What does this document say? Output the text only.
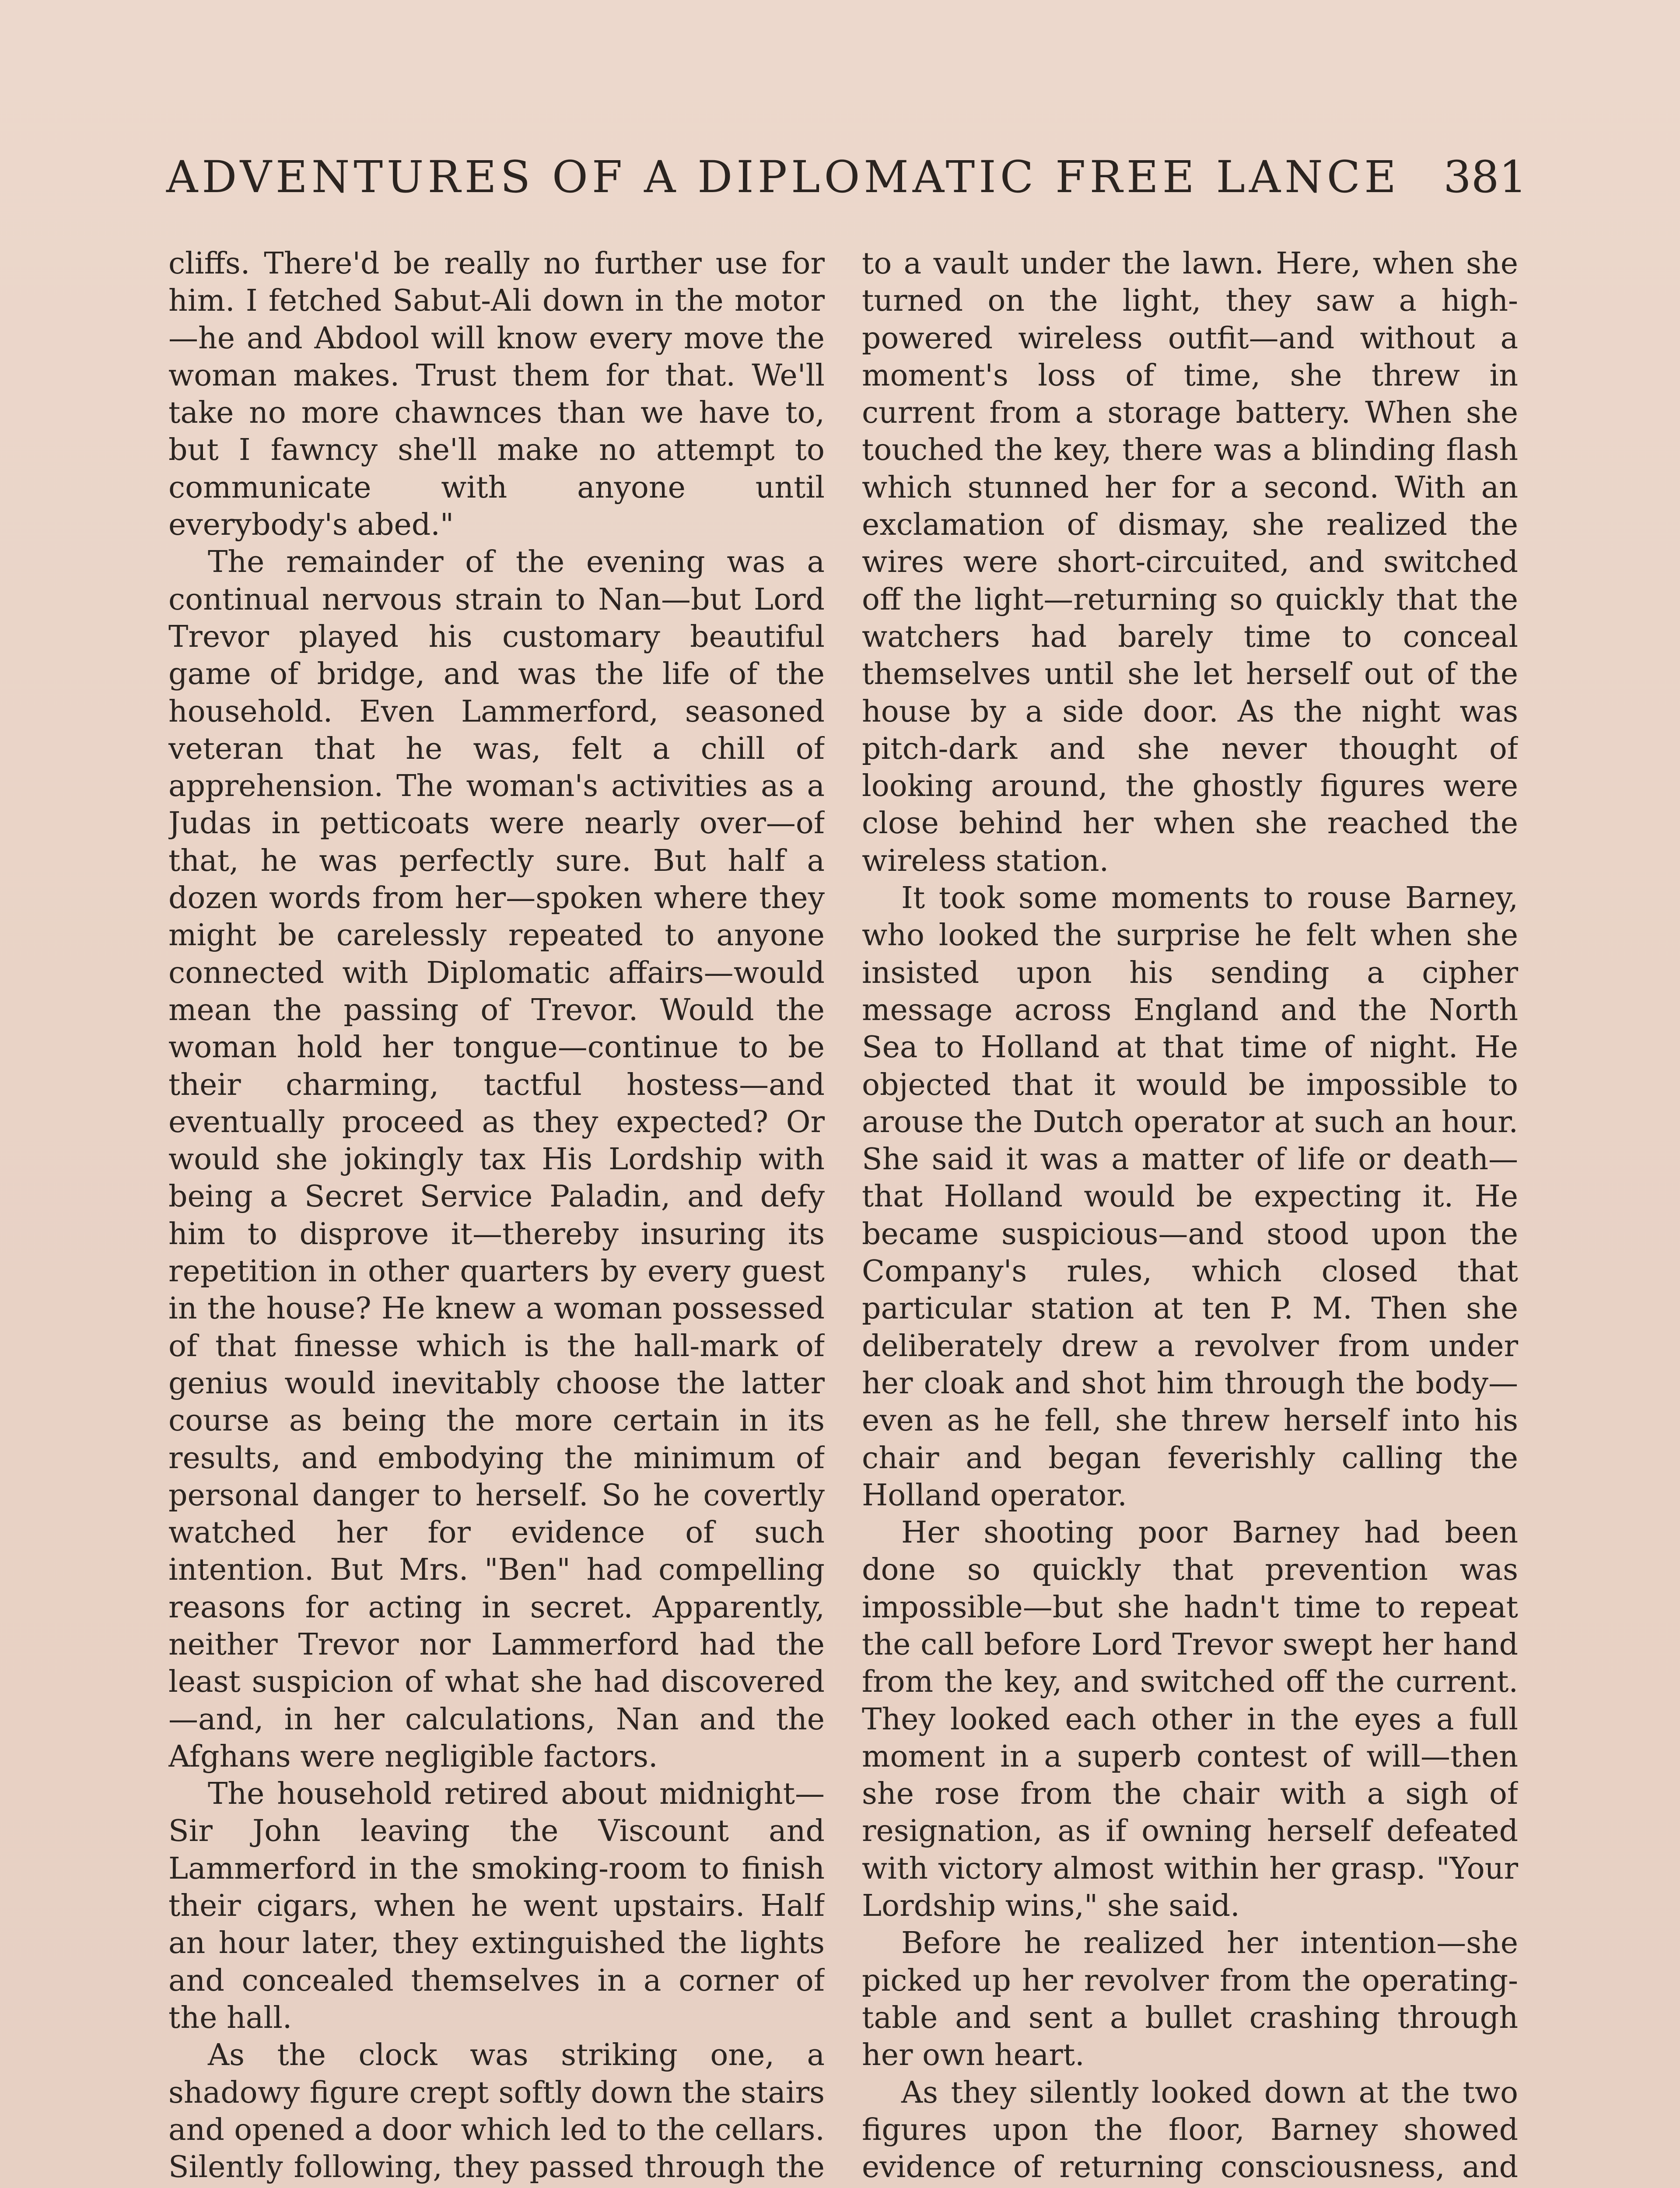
ADVENTURES OF A DIPLOMATIC FREE LANCE 381

cliffs. There'd be really no further use for him. I fetched Sabut-Ali down in the motor—he and Abdool will know every move the woman makes. Trust them for that. We'll take no more chawnces than we have to, but I fawncy she'll make no attempt to communicate with anyone until everybody's abed."

The remainder of the evening was a continual nervous strain to Nan—but Lord Trevor played his customary beautiful game of bridge, and was the life of the household. Even Lammerford, seasoned veteran that he was, felt a chill of apprehension. The woman's activities as a Judas in petticoats were nearly over—of that, he was perfectly sure. But half a dozen words from her—spoken where they might be carelessly repeated to anyone connected with Diplomatic affairs—would mean the passing of Trevor. Would the woman hold her tongue—continue to be their charming, tactful hostess—and eventually proceed as they expected? Or would she jokingly tax His Lordship with being a Secret Service Paladin, and defy him to disprove it—thereby insuring its repetition in other quarters by every guest in the house? He knew a woman possessed of that finesse which is the hall-mark of genius would inevitably choose the latter course as being the more certain in its results, and embodying the minimum of personal danger to herself. So he covertly watched her for evidence of such intention. But Mrs. "Ben" had compelling reasons for acting in secret. Apparently, neither Trevor nor Lammerford had the least suspicion of what she had discovered—and, in her calculations, Nan and the Afghans were negligible factors.

The household retired about midnight—Sir John leaving the Viscount and Lammerford in the smoking-room to finish their cigars, when he went upstairs. Half an hour later, they extinguished the lights and concealed themselves in a corner of the hall.

As the clock was striking one, a shadowy figure crept softly down the stairs and opened a door which led to the cellars. Silently following, they passed through the

to a vault under the lawn. Here, when she turned on the light, they saw a high-powered wireless outfit—and without a moment's loss of time, she threw in current from a storage battery. When she touched the key, there was a blinding flash which stunned her for a second. With an exclamation of dismay, she realized the wires were short-circuited, and switched off the light—returning so quickly that the watchers had barely time to conceal themselves until she let herself out of the house by a side door. As the night was pitch-dark and she never thought of looking around, the ghostly figures were close behind her when she reached the wireless station.

It took some moments to rouse Barney, who looked the surprise he felt when she insisted upon his sending a cipher message across England and the North Sea to Holland at that time of night. He objected that it would be impossible to arouse the Dutch operator at such an hour. She said it was a matter of life or death—that Holland would be expecting it. He became suspicious—and stood upon the Company's rules, which closed that particular station at ten P. M. Then she deliberately drew a revolver from under her cloak and shot him through the body—even as he fell, she threw herself into his chair and began feverishly calling the Holland operator.

Her shooting poor Barney had been done so quickly that prevention was impossible—but she hadn't time to repeat the call before Lord Trevor swept her hand from the key, and switched off the current. They looked each other in the eyes a full moment in a superb contest of will—then she rose from the chair with a sigh of resignation, as if owning herself defeated with victory almost within her grasp. "Your Lordship wins," she said.

Before he realized her intention—she picked up her revolver from the operating-table and sent a bullet crashing through her own heart.

As they silently looked down at the two figures upon the floor, Barney showed evidence of returning consciousness, and
